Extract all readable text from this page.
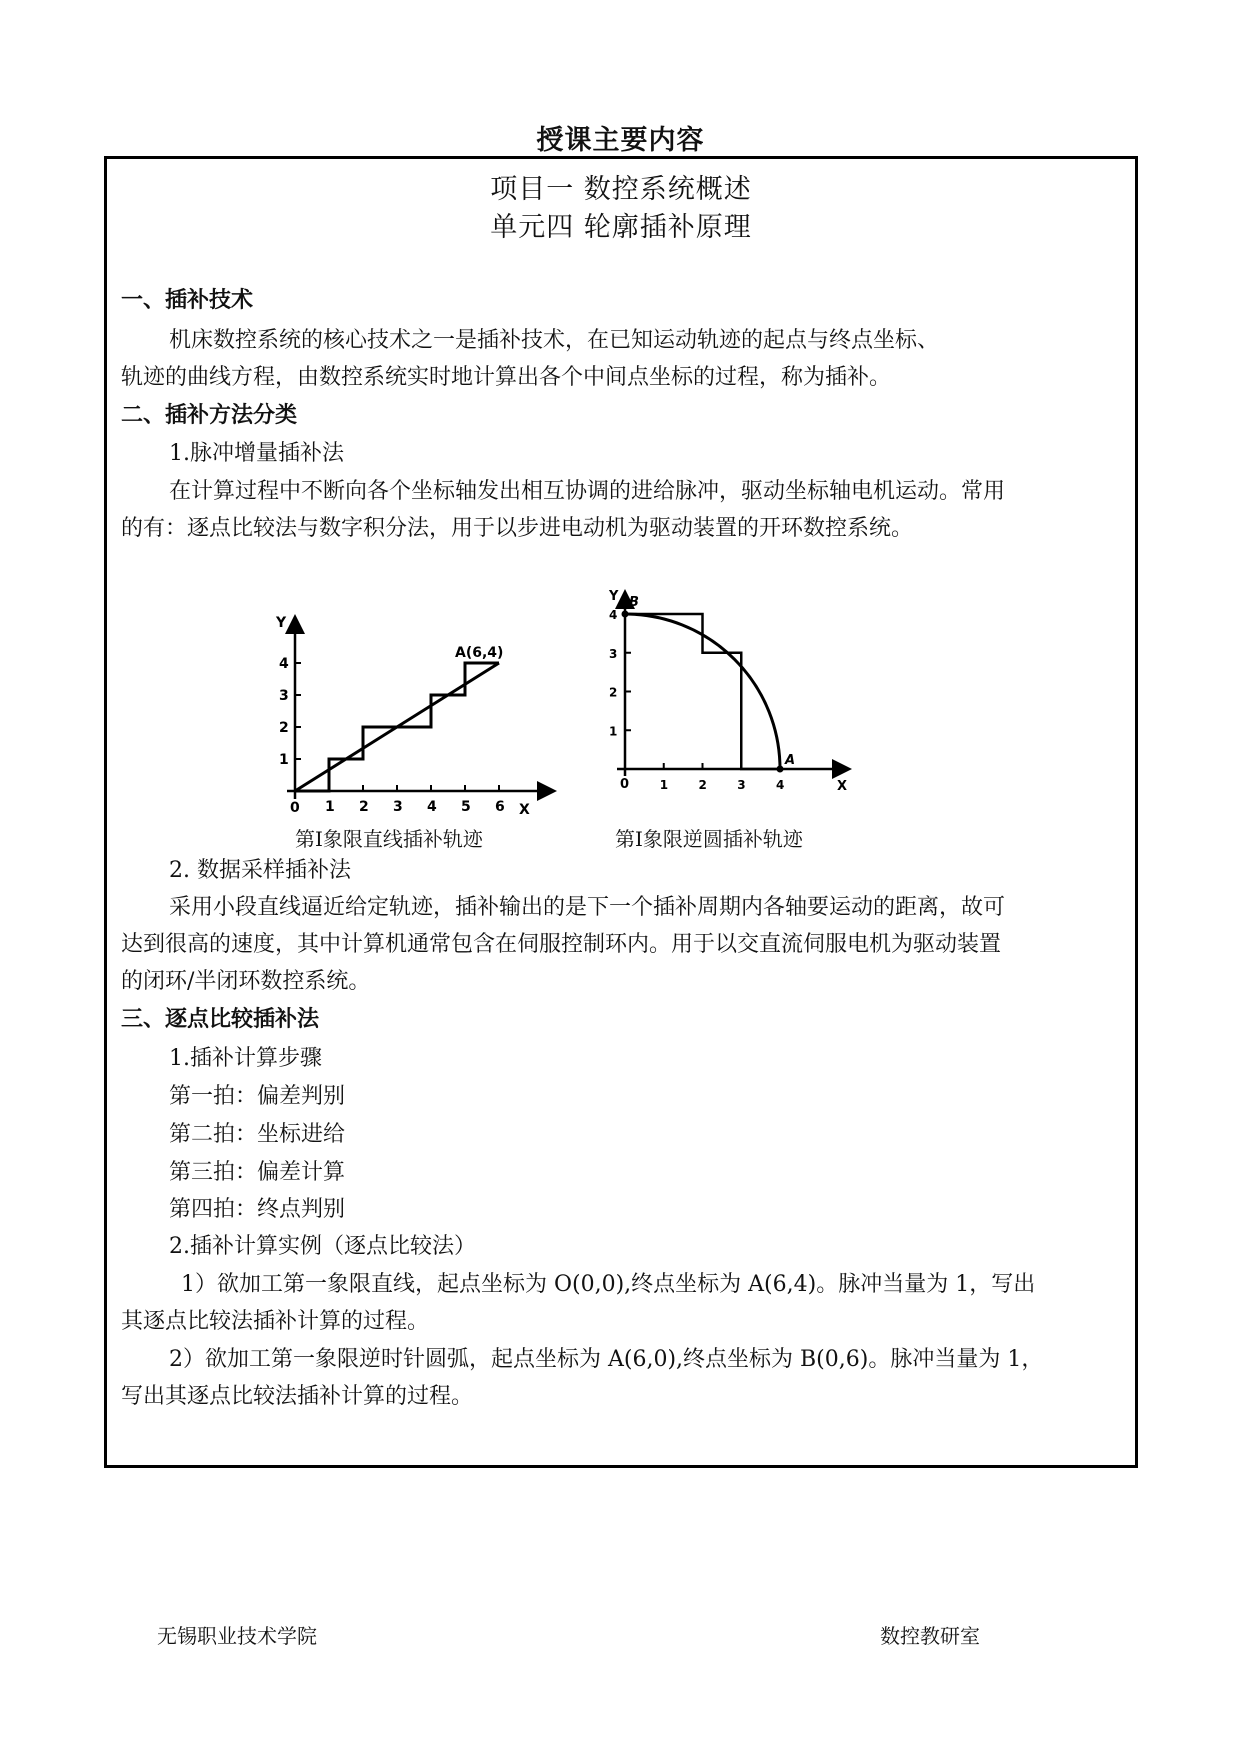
授课主要内容
项目一 数控系统概述
单元四 轮廓插补原理
一、插补技术
机床数控系统的核心技术之一是插补技术，在已知运动轨迹的起点与终点坐标、
轨迹的曲线方程，由数控系统实时地计算出各个中间点坐标的过程，称为插补。
二、插补方法分类
1.脉冲增量插补法
在计算过程中不断向各个坐标轴发出相互协调的进给脉冲，驱动坐标轴电机运动。常用
的有：逐点比较法与数字积分法，用于以步进电动机为驱动装置的开环数控系统。
1 2 3 4 5 6
1
2
3
4
Y
X
0
A(6,4)
第Ⅰ象限直线插补轨迹
1	2	3	4
1
2
3
4
Y
X
0
B
A
第Ⅰ象限逆圆插补轨迹
2. 数据采样插补法
采用小段直线逼近给定轨迹，插补输出的是下一个插补周期内各轴要运动的距离，故可
达到很高的速度，其中计算机通常包含在伺服控制环内。用于以交直流伺服电机为驱动装置
的闭环/半闭环数控系统。
三、逐点比较插补法
1.插补计算步骤
第一拍：偏差判别
第二拍：坐标进给
第三拍：偏差计算
第四拍：终点判别
2.插补计算实例（逐点比较法）
1）欲加工第一象限直线，起点坐标为 O(0,0),终点坐标为 A(6,4)。脉冲当量为 1，写出
其逐点比较法插补计算的过程。
2）欲加工第一象限逆时针圆弧，起点坐标为 A(6,0),终点坐标为 B(0,6)。脉冲当量为 1，
写出其逐点比较法插补计算的过程。
无锡职业技术学院	数控教研室
